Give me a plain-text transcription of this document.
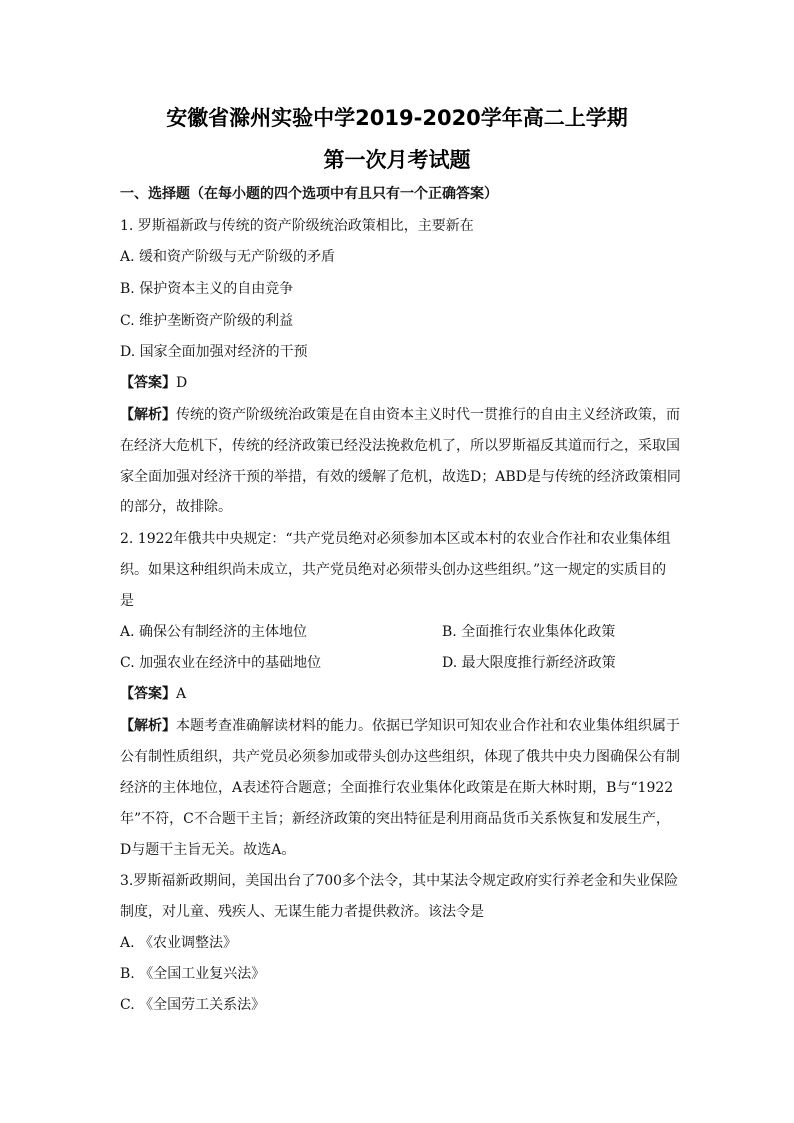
安徽省滁州实验中学2019-2020学年高二上学期
第一次月考试题
一、选择题（在每小题的四个选项中有且只有一个正确答案）
1. 罗斯福新政与传统的资产阶级统治政策相比，主要新在
A. 缓和资产阶级与无产阶级的矛盾
B. 保护资本主义的自由竞争
C. 维护垄断资产阶级的利益
D. 国家全面加强对经济的干预
【答案】D
【解析】传统的资产阶级统治政策是在自由资本主义时代一贯推行的自由主义经济政策，而
在经济大危机下，传统的经济政策已经没法挽救危机了，所以罗斯福反其道而行之，采取国
家全面加强对经济干预的举措，有效的缓解了危机，故选D；ABD是与传统的经济政策相同
的部分，故排除。
2. 1922年俄共中央规定：“共产党员绝对必须参加本区或本村的农业合作社和农业集体组
织。如果这种组织尚未成立，共产党员绝对必须带头创办这些组织。”这一规定的实质目的
是
A. 确保公有制经济的主体地位	B. 全面推行农业集体化政策
C. 加强农业在经济中的基础地位	D. 最大限度推行新经济政策
【答案】A
【解析】本题考查准确解读材料的能力。依据已学知识可知农业合作社和农业集体组织属于
公有制性质组织，共产党员必须参加或带头创办这些组织，体现了俄共中央力图确保公有制
经济的主体地位，A表述符合题意；全面推行农业集体化政策是在斯大林时期，B与“1922
年”不符，C不合题干主旨；新经济政策的突出特征是利用商品货币关系恢复和发展生产，
D与题干主旨无关。故选A。
3.罗斯福新政期间，美国出台了700多个法令，其中某法令规定政府实行养老金和失业保险
制度，对儿童、残疾人、无谋生能力者提供救济。该法令是
A. 《农业调整法》
B. 《全国工业复兴法》
C. 《全国劳工关系法》
